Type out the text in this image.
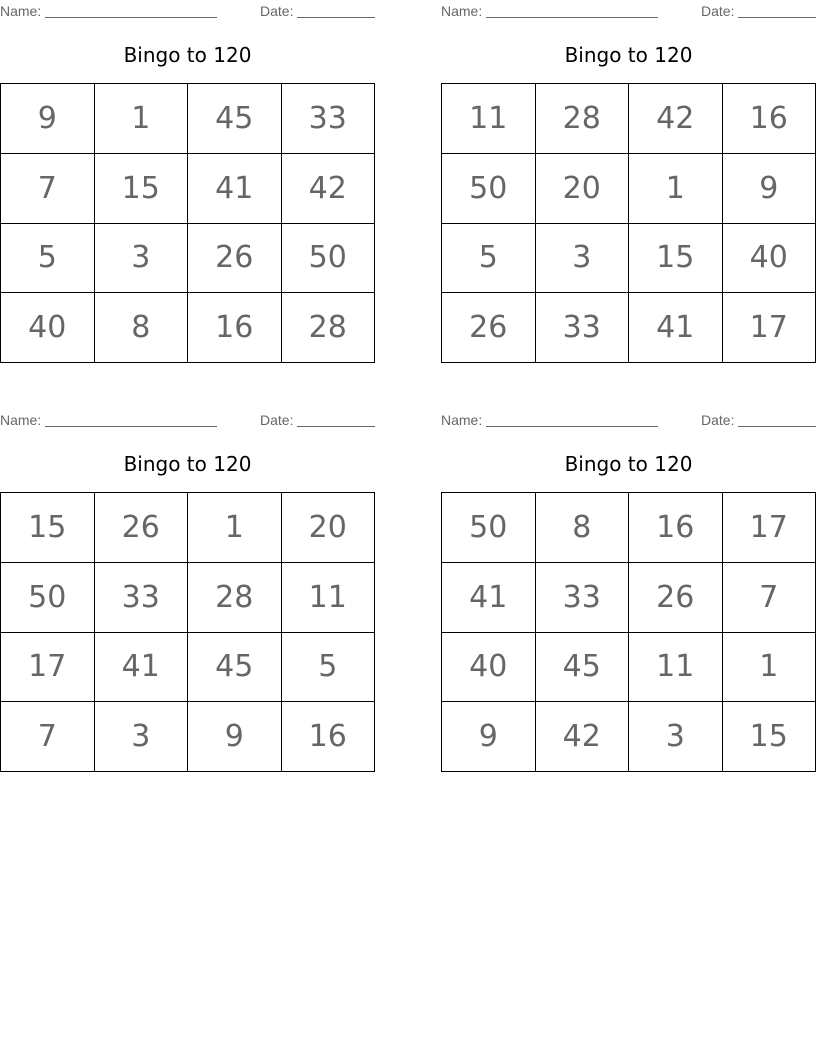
Name:	Date:
Bingo to 120
9	1	45	33
7	15	41	42
5	3	26	50
40	8	16	28
Name:	Date:
Bingo to 120
11	28	42	16
50	20	1	9
5	3	15	40
26	33	41	17
Name:	Date:
Bingo to 120
15	26	1	20
50	33	28	11
17	41	45	5
7	3	9	16
Name:	Date:
Bingo to 120
50	8	16	17
41	33	26	7
40	45	11	1
9	42	3	15
